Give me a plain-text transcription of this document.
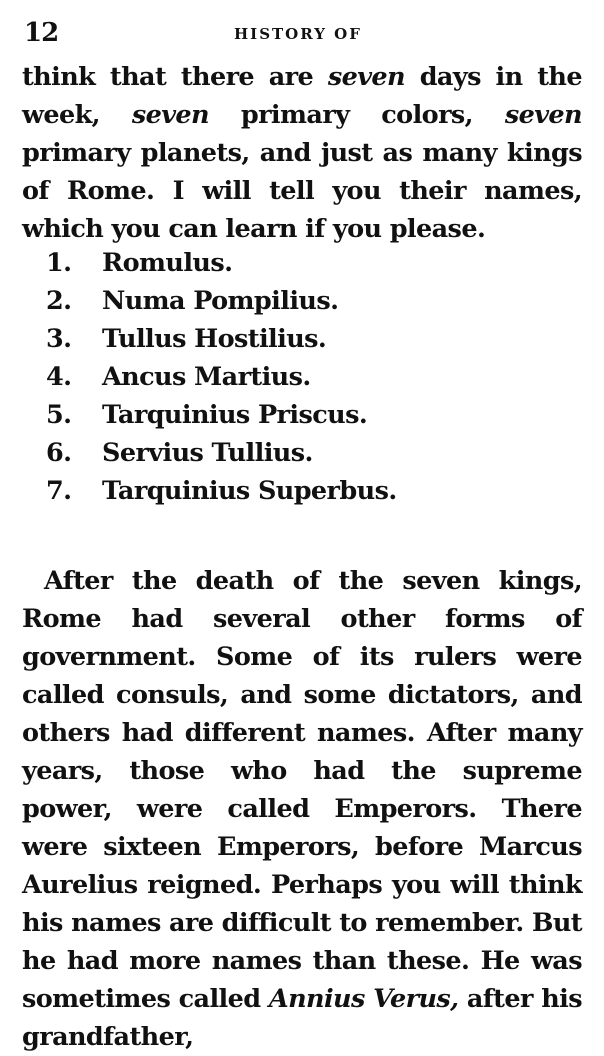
12	HISTORY OF

think that there are seven days in the week, seven primary colors, seven primary planets, and just as many kings of Rome. I will tell you their names, which you can learn if you please.

1.	Romulus.
2.	Numa Pompilius.
3.	Tullus Hostilius.
4.	Ancus Martius.
5.	Tarquinius Priscus.
6.	Servius Tullius.
7.	Tarquinius Superbus.

After the death of the seven kings, Rome had several other forms of government. Some of its rulers were called consuls, and some dictators, and others had different names. After many years, those who had the supreme power, were called Emperors. There were sixteen Emperors, before Marcus Aurelius reigned. Perhaps you will think his names are difficult to remember. But he had more names than these. He was sometimes called Annius Verus, after his grandfather,
